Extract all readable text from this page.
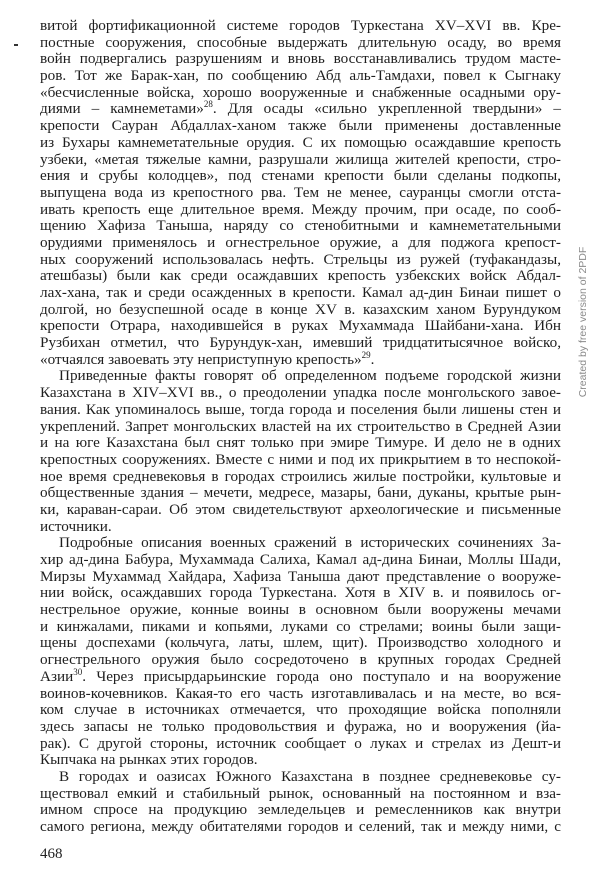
витой фортификационной системе городов Туркестана XV–XVI вв. Кре-
постные сооружения, способные выдержать длительную осаду, во время
войн подвергались разрушениям и вновь восстанавливались трудом масте-
ров. Тот же Барак-хан, по сообщению Абд аль-Тамдахи, повел к Сыгнаку
«бесчисленные войска, хорошо вооруженные и снабженные осадными ору-
диями – камнеметами»$^{28}$. Для осады «сильно укрепленной твердыни» –
крепости Сауран Абдаллах-ханом также были применены доставленные
из Бухары камнеметательные орудия. С их помощью осаждавшие крепость
узбеки, «метая тяжелые камни, разрушали жилища жителей крепости, стро-
ения и срубы колодцев», под стенами крепости были сделаны подкопы,
выпущена вода из крепостного рва. Тем не менее, сауранцы смогли отста-
ивать крепость еще длительное время. Между прочим, при осаде, по сооб-
щению Хафиза Таныша, наряду со стенобитными и камнеметательными
орудиями применялось и огнестрельное оружие, а для поджога крепост-
ных сооружений использовалась нефть. Стрельцы из ружей (туфакандазы,
атешбазы) были как среди осаждавших крепость узбекских войск Абдал-
лах-хана, так и среди осажденных в крепости. Камал ад-дин Бинаи пишет о
долгой, но безуспешной осаде в конце XV в. казахским ханом Бурундуком
крепости Отрара, находившейся в руках Мухаммада Шайбани-хана. Ибн
Рузбихан отметил, что Бурундук-хан, имевший тридцатитысячное войско,
«отчаялся завоевать эту неприступную крепость»$^{29}$.
Приведенные факты говорят об определенном подъеме городской жизни
Казахстана в XIV–XVI вв., о преодолении упадка после монгольского завое-
вания. Как упоминалось выше, тогда города и поселения были лишены стен и
укреплений. Запрет монгольских властей на их строительство в Средней Азии
и на юге Казахстана был снят только при эмире Тимуре. И дело не в одних
крепостных сооружениях. Вместе с ними и под их прикрытием в то неспокой-
ное время средневековья в городах строились жилые постройки, культовые и
общественные здания – мечети, медресе, мазары, бани, дуканы, крытые рын-
ки, караван-сараи. Об этом свидетельствуют археологические и письменные
источники.
Подробные описания военных сражений в исторических сочинениях За-
хир ад-дина Бабура, Мухаммада Салиха, Камал ад-дина Бинаи, Моллы Шади,
Мирзы Мухаммад Хайдара, Хафиза Таныша дают представление о вооруже-
нии войск, осаждавших города Туркестана. Хотя в XIV в. и появилось ог-
нестрельное оружие, конные воины в основном были вооружены мечами
и кинжалами, пиками и копьями, луками со стрелами; воины были защи-
щены доспехами (кольчуга, латы, шлем, щит). Производство холодного и
огнестрельного оружия было сосредоточено в крупных городах Средней
Азии$^{30}$. Через присырдарьинские города оно поступало и на вооружение
воинов-кочевников. Какая-то его часть изготавливалась и на месте, во вся-
ком случае в источниках отмечается, что проходящие войска пополняли
здесь запасы не только продовольствия и фуража, но и вооружения (йа-
рак). С другой стороны, источник сообщает о луках и стрелах из Дешт-и
Кыпчака на рынках этих городов.
В городах и оазисах Южного Казахстана в позднее средневековье су-
ществовал емкий и стабильный рынок, основанный на постоянном и вза-
имном спросе на продукцию земледельцев и ремесленников как внутри
самого региона, между обитателями городов и селений, так и между ними, с
468
Created by free version of 2PDF
